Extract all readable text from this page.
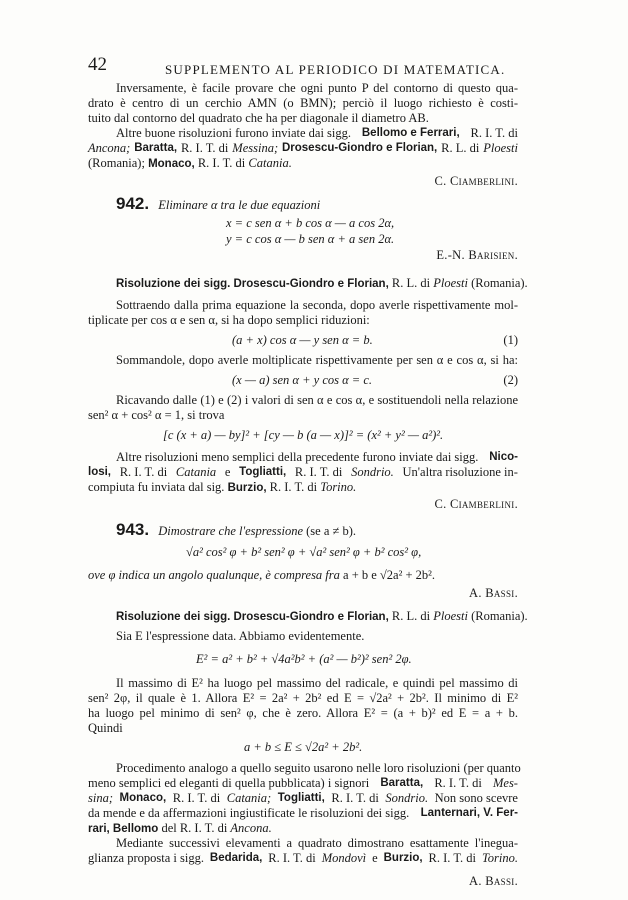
42	SUPPLEMENTO AL PERIODICO DI MATEMATICA.
Inversamente, è facile provare che ogni punto P del contorno di questo qua-
drato è centro di un cerchio AMN (o BMN); perciò il luogo richiesto è costi-
tuito dal contorno del quadrato che ha per diagonale il diametro AB.
Altre buone risoluzioni furono inviate dai sigg. Bellomo e Ferrari, R. I. T. di
Ancona; Baratta, R. I. T. di Messina; Drosescu-Giondro e Florian, R. L. di Ploesti
(Romania); Monaco, R. I. T. di Catania.
C. Ciamberlini.
942. Eliminare α tra le due equazioni
x = c sen α + b cos α — a cos 2α,
y = c cos α — b sen α + a sen 2α.
E.-N. Barisien.
Risoluzione dei sigg. Drosescu-Giondro e Florian, R. L. di Ploesti (Romania).
Sottraendo dalla prima equazione la seconda, dopo averle rispettivamente mol-
tiplicate per cos α e sen α, si ha dopo semplici riduzioni:
(a + x) cos α — y sen α = b.	(1)
Sommandole, dopo averle moltiplicate rispettivamente per sen α e cos α, si ha:
(x — a) sen α + y cos α = c.	(2)
Ricavando dalle (1) e (2) i valori di sen α e cos α, e sostituendoli nella relazione
sen² α + cos² α = 1, si trova
[c (x + a) — by]² + [cy — b (a — x)]² = (x² + y² — a²)².
Altre risoluzioni meno semplici della precedente furono inviate dai sigg. Nico-
losi, R. I. T. di Catania e Togliatti, R. I. T. di Sondrio. Un'altra risoluzione in-
compiuta fu inviata dal sig. Burzio, R. I. T. di Torino.
C. Ciamberlini.
943. Dimostrare che l'espressione (se a ≠ b).
√a² cos² φ + b² sen² φ + √a² sen² φ + b² cos² φ,
ove φ indica un angolo qualunque, è compresa fra a + b e √2a² + 2b².
A. Bassi.
Risoluzione dei sigg. Drosescu-Giondro e Florian, R. L. di Ploesti (Romania).
Sia E l'espressione data. Abbiamo evidentemente.
E² = a² + b² + √4a²b² + (a² — b²)² sen² 2φ.
Il massimo di E² ha luogo pel massimo del radicale, e quindi pel massimo di
sen² 2φ, il quale è 1. Allora E² = 2a² + 2b² ed E = √2a² + 2b². Il minimo di E²
ha luogo pel minimo di sen² φ, che è zero. Allora E² = (a + b)² ed E = a + b.
Quindi
a + b ≤ E ≤ √2a² + 2b².
Procedimento analogo a quello seguito usarono nelle loro risoluzioni (per quanto
meno semplici ed eleganti di quella pubblicata) i signori Baratta, R. I. T. di Mes-
sina; Monaco, R. I. T. di Catania; Togliatti, R. I. T. di Sondrio. Non sono scevre
da mende e da affermazioni ingiustificate le risoluzioni dei sigg. Lanternari, V. Fer-
rari, Bellomo del R. I. T. di Ancona.
Mediante successivi elevamenti a quadrato dimostrano esattamente l'inegua-
glianza proposta i sigg. Bedarida, R. I. T. di Mondovì e Burzio, R. I. T. di Torino.
A. Bassi.
